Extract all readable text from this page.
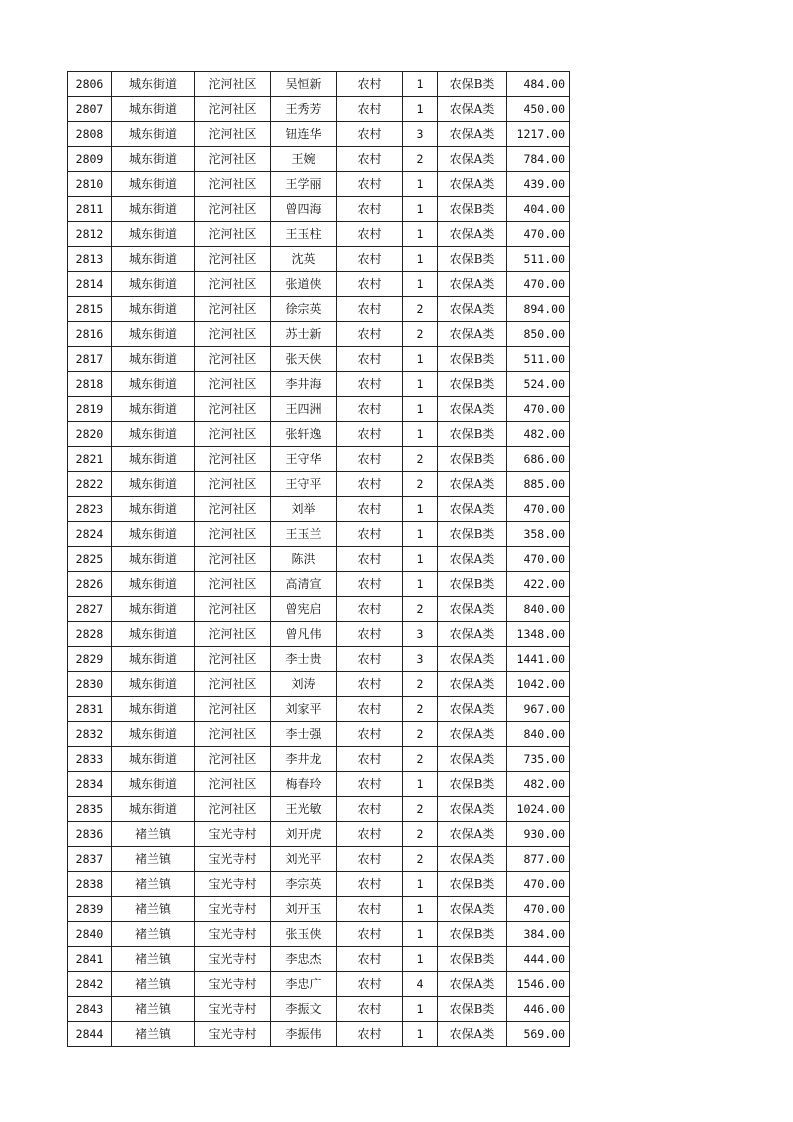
2806	城东街道	沱河社区	吴恒新	农村	1	农保B类	484.00
2807	城东街道	沱河社区	王秀芳	农村	1	农保A类	450.00
2808	城东街道	沱河社区	钮连华	农村	3	农保A类	1217.00
2809	城东街道	沱河社区	王婉	农村	2	农保A类	784.00
2810	城东街道	沱河社区	王学丽	农村	1	农保A类	439.00
2811	城东街道	沱河社区	曾四海	农村	1	农保B类	404.00
2812	城东街道	沱河社区	王玉柱	农村	1	农保A类	470.00
2813	城东街道	沱河社区	沈英	农村	1	农保B类	511.00
2814	城东街道	沱河社区	张道侠	农村	1	农保A类	470.00
2815	城东街道	沱河社区	徐宗英	农村	2	农保A类	894.00
2816	城东街道	沱河社区	苏士新	农村	2	农保A类	850.00
2817	城东街道	沱河社区	张天侠	农村	1	农保B类	511.00
2818	城东街道	沱河社区	李井海	农村	1	农保B类	524.00
2819	城东街道	沱河社区	王四洲	农村	1	农保A类	470.00
2820	城东街道	沱河社区	张轩逸	农村	1	农保B类	482.00
2821	城东街道	沱河社区	王守华	农村	2	农保B类	686.00
2822	城东街道	沱河社区	王守平	农村	2	农保A类	885.00
2823	城东街道	沱河社区	刘举	农村	1	农保A类	470.00
2824	城东街道	沱河社区	王玉兰	农村	1	农保B类	358.00
2825	城东街道	沱河社区	陈洪	农村	1	农保A类	470.00
2826	城东街道	沱河社区	高清宣	农村	1	农保B类	422.00
2827	城东街道	沱河社区	曾宪启	农村	2	农保A类	840.00
2828	城东街道	沱河社区	曾凡伟	农村	3	农保A类	1348.00
2829	城东街道	沱河社区	李士贵	农村	3	农保A类	1441.00
2830	城东街道	沱河社区	刘涛	农村	2	农保A类	1042.00
2831	城东街道	沱河社区	刘家平	农村	2	农保A类	967.00
2832	城东街道	沱河社区	李士强	农村	2	农保A类	840.00
2833	城东街道	沱河社区	李井龙	农村	2	农保A类	735.00
2834	城东街道	沱河社区	梅春玲	农村	1	农保B类	482.00
2835	城东街道	沱河社区	王光敏	农村	2	农保A类	1024.00
2836	褚兰镇	宝光寺村	刘开虎	农村	2	农保A类	930.00
2837	褚兰镇	宝光寺村	刘光平	农村	2	农保A类	877.00
2838	褚兰镇	宝光寺村	李宗英	农村	1	农保B类	470.00
2839	褚兰镇	宝光寺村	刘开玉	农村	1	农保A类	470.00
2840	褚兰镇	宝光寺村	张玉侠	农村	1	农保B类	384.00
2841	褚兰镇	宝光寺村	李忠杰	农村	1	农保B类	444.00
2842	褚兰镇	宝光寺村	李忠广	农村	4	农保A类	1546.00
2843	褚兰镇	宝光寺村	李振文	农村	1	农保B类	446.00
2844	褚兰镇	宝光寺村	李振伟	农村	1	农保A类	569.00
